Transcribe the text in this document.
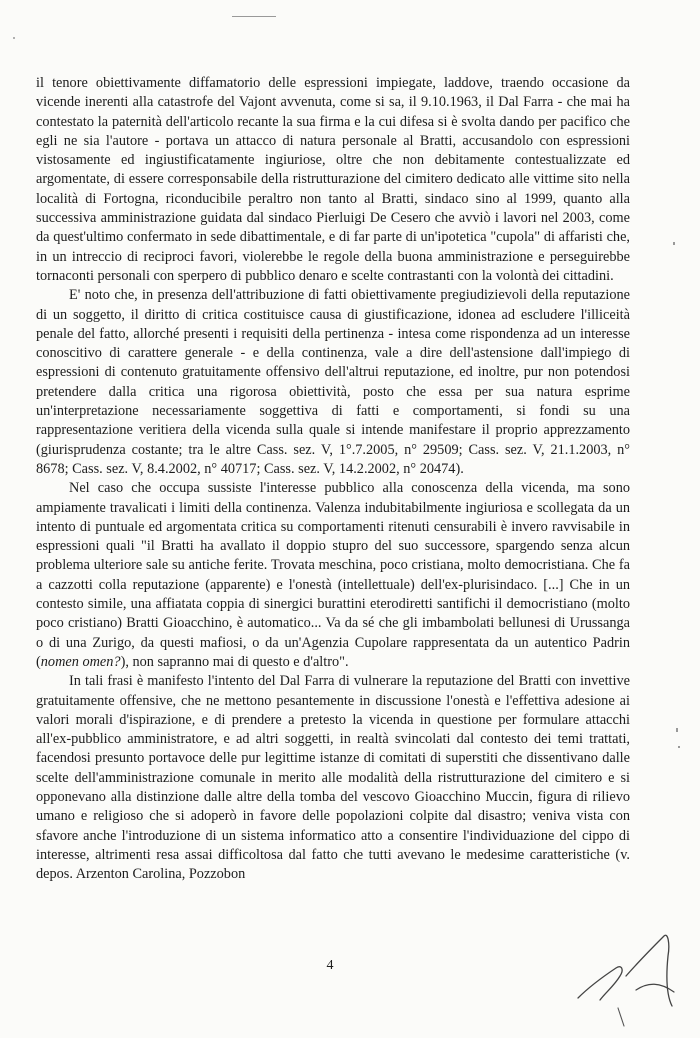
il tenore obiettivamente diffamatorio delle espressioni impiegate, laddove, traendo occasione da vicende inerenti alla catastrofe del Vajont avvenuta, come si sa, il 9.10.1963, il Dal Farra - che mai ha contestato la paternità dell'articolo recante la sua firma e la cui difesa si è svolta dando per pacifico che egli ne sia l'autore - portava un attacco di natura personale al Bratti, accusandolo con espressioni vistosamente ed ingiustificatamente ingiuriose, oltre che non debitamente contestualizzate ed argomentate, di essere corresponsabile della ristrutturazione del cimitero dedicato alle vittime sito nella località di Fortogna, riconducibile peraltro non tanto al Bratti, sindaco sino al 1999, quanto alla successiva amministrazione guidata dal sindaco Pierluigi De Cesero che avviò i lavori nel 2003, come da quest'ultimo confermato in sede dibattimentale, e di far parte di un'ipotetica "cupola" di affaristi che, in un intreccio di reciproci favori, violerebbe le regole della buona amministrazione e perseguirebbe tornaconti personali con sperpero di pubblico denaro e scelte contrastanti con la volontà dei cittadini.

E' noto che, in presenza dell'attribuzione di fatti obiettivamente pregiudizievoli della reputazione di un soggetto, il diritto di critica costituisce causa di giustificazione, idonea ad escludere l'illiceità penale del fatto, allorché presenti i requisiti della pertinenza - intesa come rispondenza ad un interesse conoscitivo di carattere generale - e della continenza, vale a dire dell'astensione dall'impiego di espressioni di contenuto gratuitamente offensivo dell'altrui reputazione, ed inoltre, pur non potendosi pretendere dalla critica una rigorosa obiettività, posto che essa per sua natura esprime un'interpretazione necessariamente soggettiva di fatti e comportamenti, si fondi su una rappresentazione veritiera della vicenda sulla quale si intende manifestare il proprio apprezzamento (giurisprudenza costante; tra le altre Cass. sez. V, 1°.7.2005, n° 29509; Cass. sez. V, 21.1.2003, n° 8678; Cass. sez. V, 8.4.2002, n° 40717; Cass. sez. V, 14.2.2002, n° 20474).

Nel caso che occupa sussiste l'interesse pubblico alla conoscenza della vicenda, ma sono ampiamente travalicati i limiti della continenza. Valenza indubitabilmente ingiuriosa e scollegata da un intento di puntuale ed argomentata critica su comportamenti ritenuti censurabili è invero ravvisabile in espressioni quali "il Bratti ha avallato il doppio stupro del suo successore, spargendo senza alcun problema ulteriore sale su antiche ferite. Trovata meschina, poco cristiana, molto democristiana. Che fa a cazzotti colla reputazione (apparente) e l'onestà (intellettuale) dell'ex-plurisindaco. [...] Che in un contesto simile, una affiatata coppia di sinergici burattini eterodiretti santifichi il democristiano (molto poco cristiano) Bratti Gioacchino, è automatico... Va da sé che gli imbambolati bellunesi di Urussanga o di una Zurigo, da questi mafiosi, o da un'Agenzia Cupolare rappresentata da un autentico Padrin (nomen omen?), non sapranno mai di questo e d'altro".

In tali frasi è manifesto l'intento del Dal Farra di vulnerare la reputazione del Bratti con invettive gratuitamente offensive, che ne mettono pesantemente in discussione l'onestà e l'effettiva adesione ai valori morali d'ispirazione, e di prendere a pretesto la vicenda in questione per formulare attacchi all'ex-pubblico amministratore, e ad altri soggetti, in realtà svincolati dal contesto dei temi trattati, facendosi presunto portavoce delle pur legittime istanze di comitati di superstiti che dissentivano dalle scelte dell'amministrazione comunale in merito alle modalità della ristrutturazione del cimitero e si opponevano alla distinzione dalle altre della tomba del vescovo Gioacchino Muccin, figura di rilievo umano e religioso che si adoperò in favore delle popolazioni colpite dal disastro; veniva vista con sfavore anche l'introduzione di un sistema informatico atto a consentire l'individuazione del cippo di interesse, altrimenti resa assai difficoltosa dal fatto che tutti avevano le medesime caratteristiche (v. depos. Arzenton Carolina, Pozzobon

4
